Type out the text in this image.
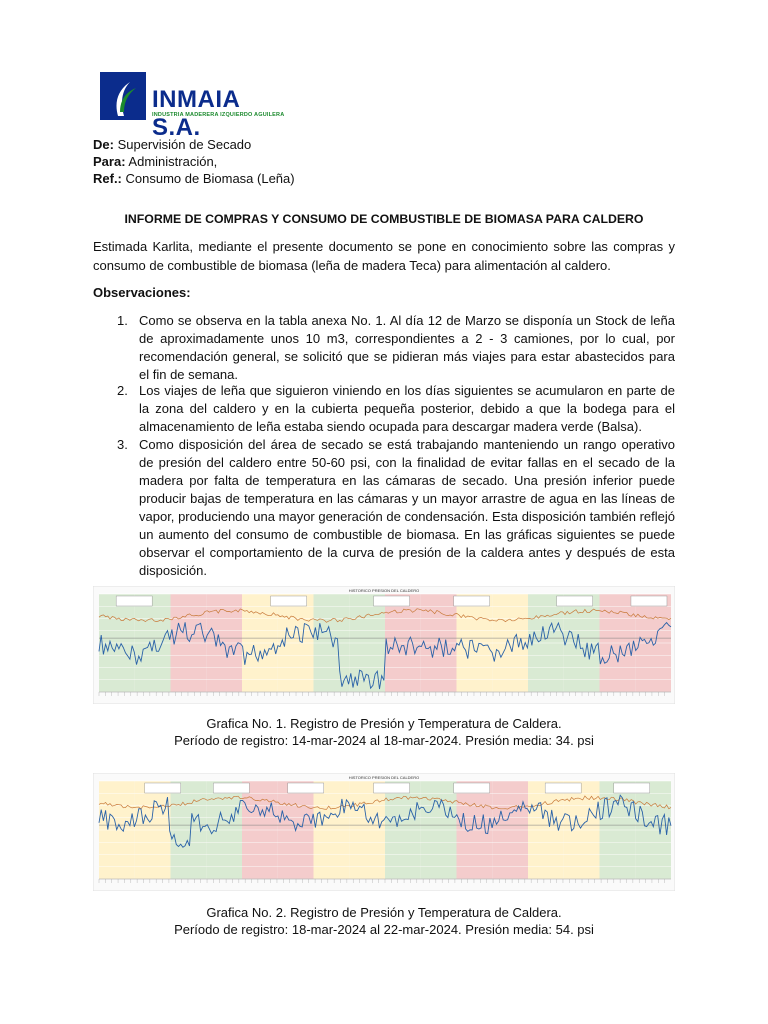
INMAIA S.A.
INDUSTRIA MADERERA IZQUIERDO AGUILERA
De: Supervisión de Secado
Para: Administración,
Ref.: Consumo de Biomasa (Leña)
INFORME DE COMPRAS Y CONSUMO DE COMBUSTIBLE DE BIOMASA PARA CALDERO
Estimada Karlita, mediante el presente documento se pone en conocimiento sobre las compras y consumo de combustible de biomasa (leña de madera Teca) para alimentación al caldero.
Observaciones:
1. Como se observa en la tabla anexa No. 1. Al día 12 de Marzo se disponía un Stock de leña de aproximadamente unos 10 m3, correspondientes a 2 - 3 camiones, por lo cual, por recomendación general, se solicitó que se pidieran más viajes para estar abastecidos para el fin de semana.
2. Los viajes de leña que siguieron viniendo en los días siguientes se acumularon en parte de la zona del caldero y en la cubierta pequeña posterior, debido a que la bodega para el almacenamiento de leña estaba siendo ocupada para descargar madera verde (Balsa).
3. Como disposición del área de secado se está trabajando manteniendo un rango operativo de presión del caldero entre 50-60 psi, con la finalidad de evitar fallas en el secado de la madera por falta de temperatura en las cámaras de secado. Una presión inferior puede producir bajas de temperatura en las cámaras y un mayor arrastre de agua en las líneas de vapor, produciendo una mayor generación de condensación. Esta disposición también reflejó un aumento del consumo de combustible de biomasa. En las gráficas siguientes se puede observar el comportamiento de la curva de presión de la caldera antes y después de esta disposición.
HISTORICO PRESION DEL CALDERO
Grafica No. 1. Registro de Presión y Temperatura de Caldera.
Período de registro: 14-mar-2024 al 18-mar-2024. Presión media: 34. psi
HISTORICO PRESION DEL CALDERO
Grafica No. 2. Registro de Presión y Temperatura de Caldera.
Período de registro: 18-mar-2024 al 22-mar-2024. Presión media: 54. psi
